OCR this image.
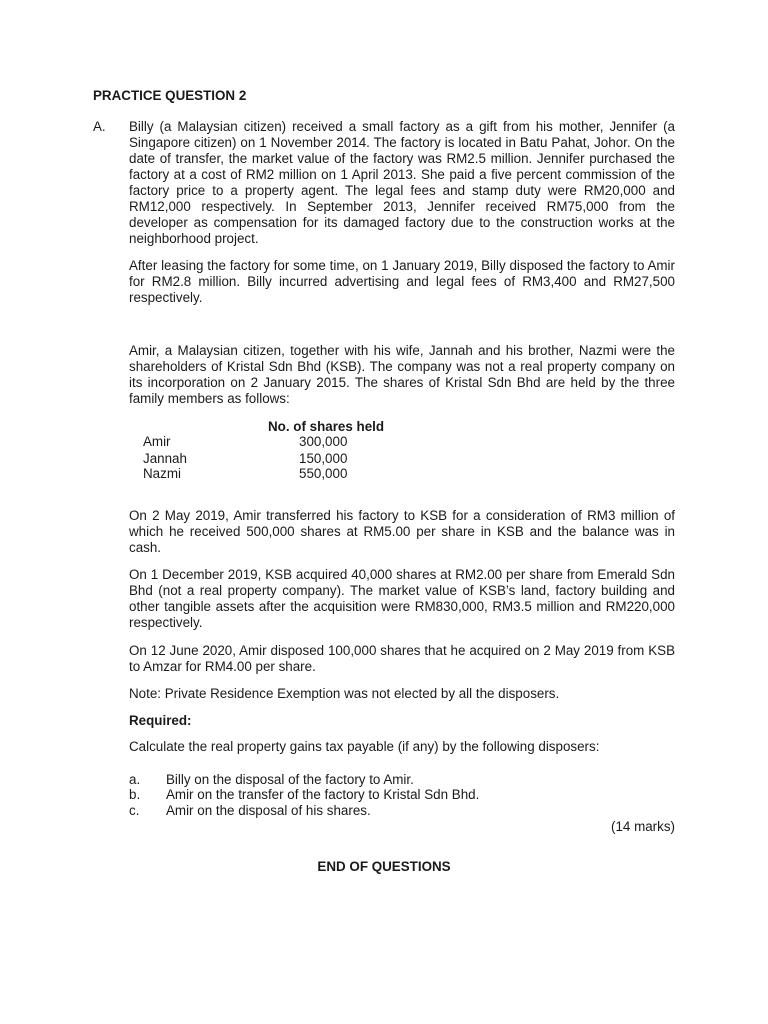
PRACTICE QUESTION 2
A. Billy (a Malaysian citizen) received a small factory as a gift from his mother, Jennifer (a Singapore citizen) on 1 November 2014. The factory is located in Batu Pahat, Johor. On the date of transfer, the market value of the factory was RM2.5 million. Jennifer purchased the factory at a cost of RM2 million on 1 April 2013. She paid a five percent commission of the factory price to a property agent. The legal fees and stamp duty were RM20,000 and RM12,000 respectively. In September 2013, Jennifer received RM75,000 from the developer as compensation for its damaged factory due to the construction works at the neighborhood project.
After leasing the factory for some time, on 1 January 2019, Billy disposed the factory to Amir for RM2.8 million. Billy incurred advertising and legal fees of RM3,400 and RM27,500 respectively.
Amir, a Malaysian citizen, together with his wife, Jannah and his brother, Nazmi were the shareholders of Kristal Sdn Bhd (KSB). The company was not a real property company on its incorporation on 2 January 2015. The shares of Kristal Sdn Bhd are held by the three family members as follows:
No. of shares held
Amir	300,000
Jannah	150,000
Nazmi	550,000
On 2 May 2019, Amir transferred his factory to KSB for a consideration of RM3 million of which he received 500,000 shares at RM5.00 per share in KSB and the balance was in cash.
On 1 December 2019, KSB acquired 40,000 shares at RM2.00 per share from Emerald Sdn Bhd (not a real property company). The market value of KSB’s land, factory building and other tangible assets after the acquisition were RM830,000, RM3.5 million and RM220,000 respectively.
On 12 June 2020, Amir disposed 100,000 shares that he acquired on 2 May 2019 from KSB to Amzar for RM4.00 per share.
Note: Private Residence Exemption was not elected by all the disposers.
Required:
Calculate the real property gains tax payable (if any) by the following disposers:
a. Billy on the disposal of the factory to Amir.
b. Amir on the transfer of the factory to Kristal Sdn Bhd.
c. Amir on the disposal of his shares.
(14 marks)
END OF QUESTIONS
